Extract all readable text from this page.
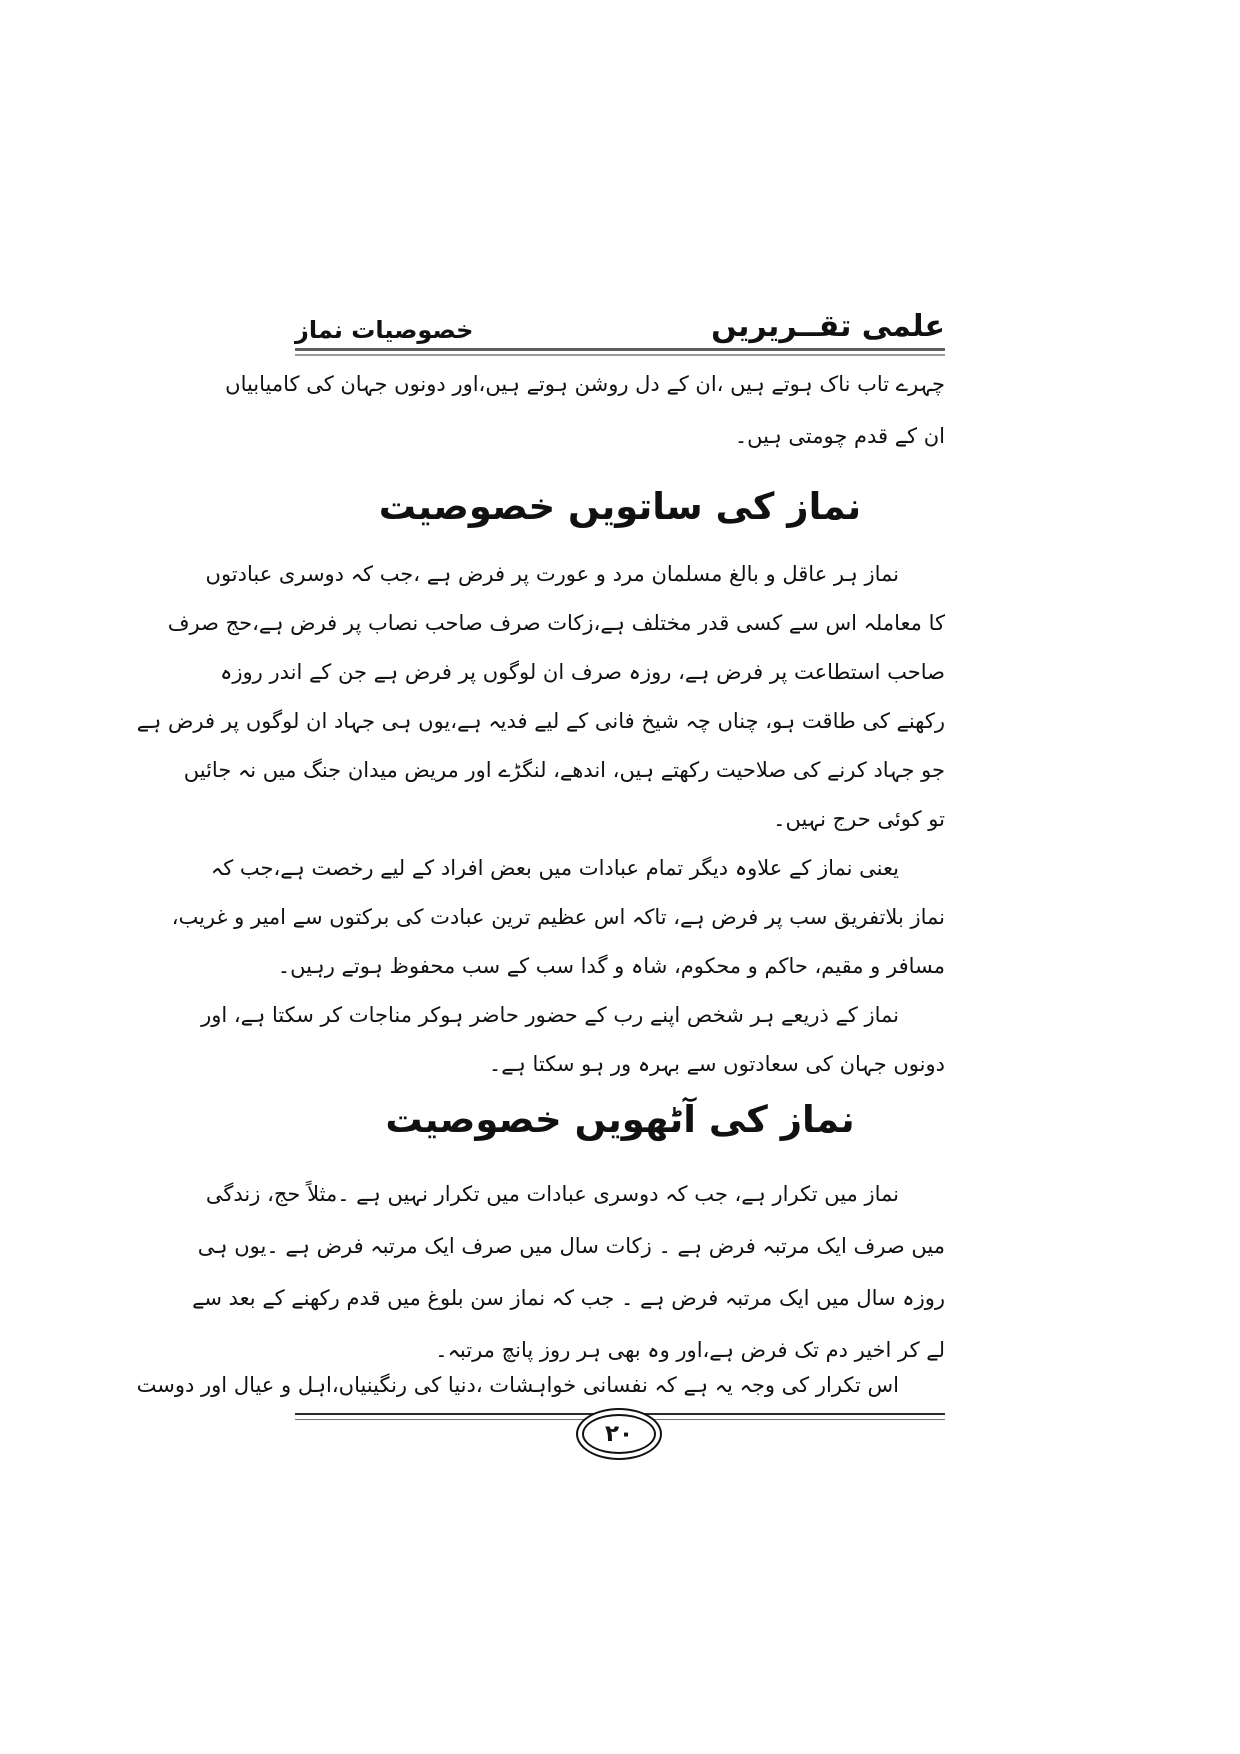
علمی تقــریریں
خصوصیات نماز
چہرے تاب ناک ہوتے ہیں ،ان کے دل روشن ہوتے ہیں،اور دونوں جہان کی کامیابیاں
ان کے قدم چومتی ہیں۔
نماز کی ساتویں خصوصیت
نماز ہر عاقل و بالغ مسلمان مرد و عورت پر فرض ہے ،جب کہ دوسری عبادتوں
کا معاملہ اس سے کسی قدر مختلف ہے،زکات صرف صاحب نصاب پر فرض ہے،حج صرف
صاحب استطاعت پر فرض ہے، روزہ صرف ان لوگوں پر فرض ہے جن کے اندر روزہ
رکھنے کی طاقت ہو، چناں چہ شیخ فانی کے لیے فدیہ ہے،یوں ہی جہاد ان لوگوں پر فرض ہے
جو جہاد کرنے کی صلاحیت رکھتے ہیں، اندھے، لنگڑے اور مریض میدان جنگ میں نہ جائیں
تو کوئی حرج نہیں۔
یعنی نماز کے علاوہ دیگر تمام عبادات میں بعض افراد کے لیے رخصت ہے،جب کہ
نماز بلاتفریق سب پر فرض ہے، تاکہ اس عظیم ترین عبادت کی برکتوں سے امیر و غریب،
مسافر و مقیم، حاکم و محکوم، شاہ و گدا سب کے سب محفوظ ہوتے رہیں۔
نماز کے ذریعے ہر شخص اپنے رب کے حضور حاضر ہوکر مناجات کر سکتا ہے، اور
دونوں جہان کی سعادتوں سے بہرہ ور ہو سکتا ہے۔
نماز کی آٹھویں خصوصیت
نماز میں تکرار ہے، جب کہ دوسری عبادات میں تکرار نہیں ہے ۔مثلاً حج، زندگی
میں صرف ایک مرتبہ فرض ہے ۔ زکات سال میں صرف ایک مرتبہ فرض ہے ۔یوں ہی
روزہ سال میں ایک مرتبہ فرض ہے ۔ جب کہ نماز سن بلوغ میں قدم رکھنے کے بعد سے
لے کر اخیر دم تک فرض ہے،اور وہ بھی ہر روز پانچ مرتبہ۔
اس تکرار کی وجہ یہ ہے کہ نفسانی خواہشات ،دنیا کی رنگینیاں،اہل و عیال اور دوست
۲۰
